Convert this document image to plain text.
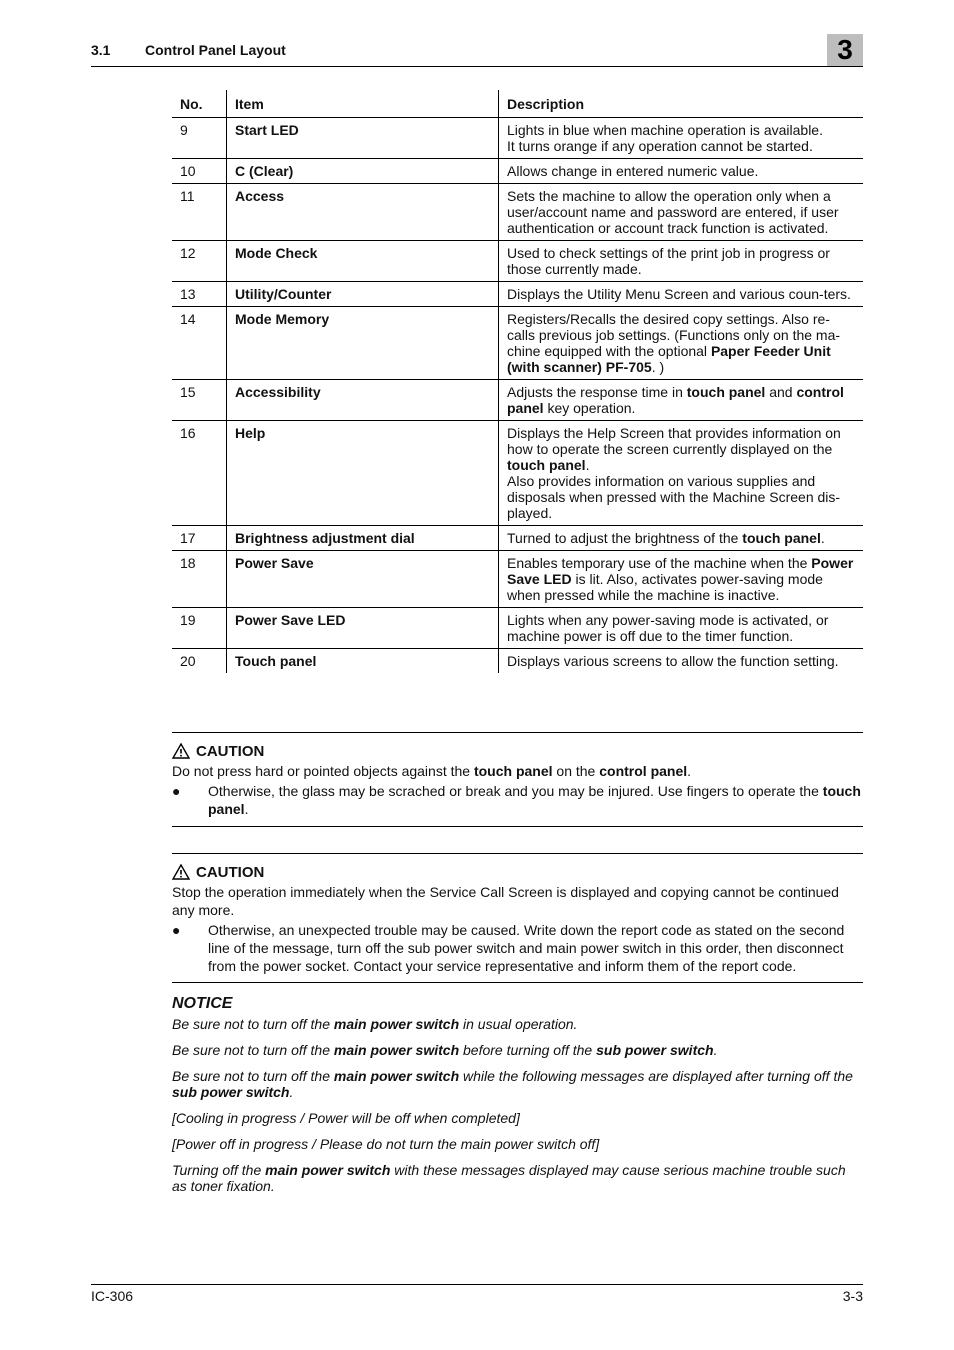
3.1 Control Panel Layout	3
No.	Item	Description
9	Start LED	Lights in blue when machine operation is available.
It turns orange if any operation cannot be started.
10	C (Clear)	Allows change in entered numeric value.
11	Access	Sets the machine to allow the operation only when a user/account name and password are entered, if user authentication or account track function is activated.
12	Mode Check	Used to check settings of the print job in progress or those currently made.
13	Utility/Counter	Displays the Utility Menu Screen and various coun-ters.
14	Mode Memory	Registers/Recalls the desired copy settings. Also re-calls previous job settings. (Functions only on the ma-chine equipped with the optional Paper Feeder Unit (with scanner) PF-705. )
15	Accessibility	Adjusts the response time in touch panel and control panel key operation.
16	Help	Displays the Help Screen that provides information on how to operate the screen currently displayed on the touch panel.
Also provides information on various supplies and disposals when pressed with the Machine Screen dis-played.
17	Brightness adjustment dial	Turned to adjust the brightness of the touch panel.
18	Power Save	Enables temporary use of the machine when the Power Save LED is lit. Also, activates power-saving mode when pressed while the machine is inactive.
19	Power Save LED	Lights when any power-saving mode is activated, or machine power is off due to the timer function.
20	Touch panel	Displays various screens to allow the function setting.
CAUTION

Do not press hard or pointed objects against the touch panel on the control panel.

● Otherwise, the glass may be scrached or break and you may be injured. Use fingers to operate the touch panel.
CAUTION

Stop the operation immediately when the Service Call Screen is displayed and copying cannot be continued any more.

● Otherwise, an unexpected trouble may be caused. Write down the report code as stated on the second line of the message, turn off the sub power switch and main power switch in this order, then disconnect from the power socket. Contact your service representative and inform them of the report code.
NOTICE

Be sure not to turn off the main power switch in usual operation.

Be sure not to turn off the main power switch before turning off the sub power switch.

Be sure not to turn off the main power switch while the following messages are displayed after turning off the sub power switch.

[Cooling in progress / Power will be off when completed]

[Power off in progress / Please do not turn the main power switch off]

Turning off the main power switch with these messages displayed may cause serious machine trouble such as toner fixation.

IC-306	3-3
